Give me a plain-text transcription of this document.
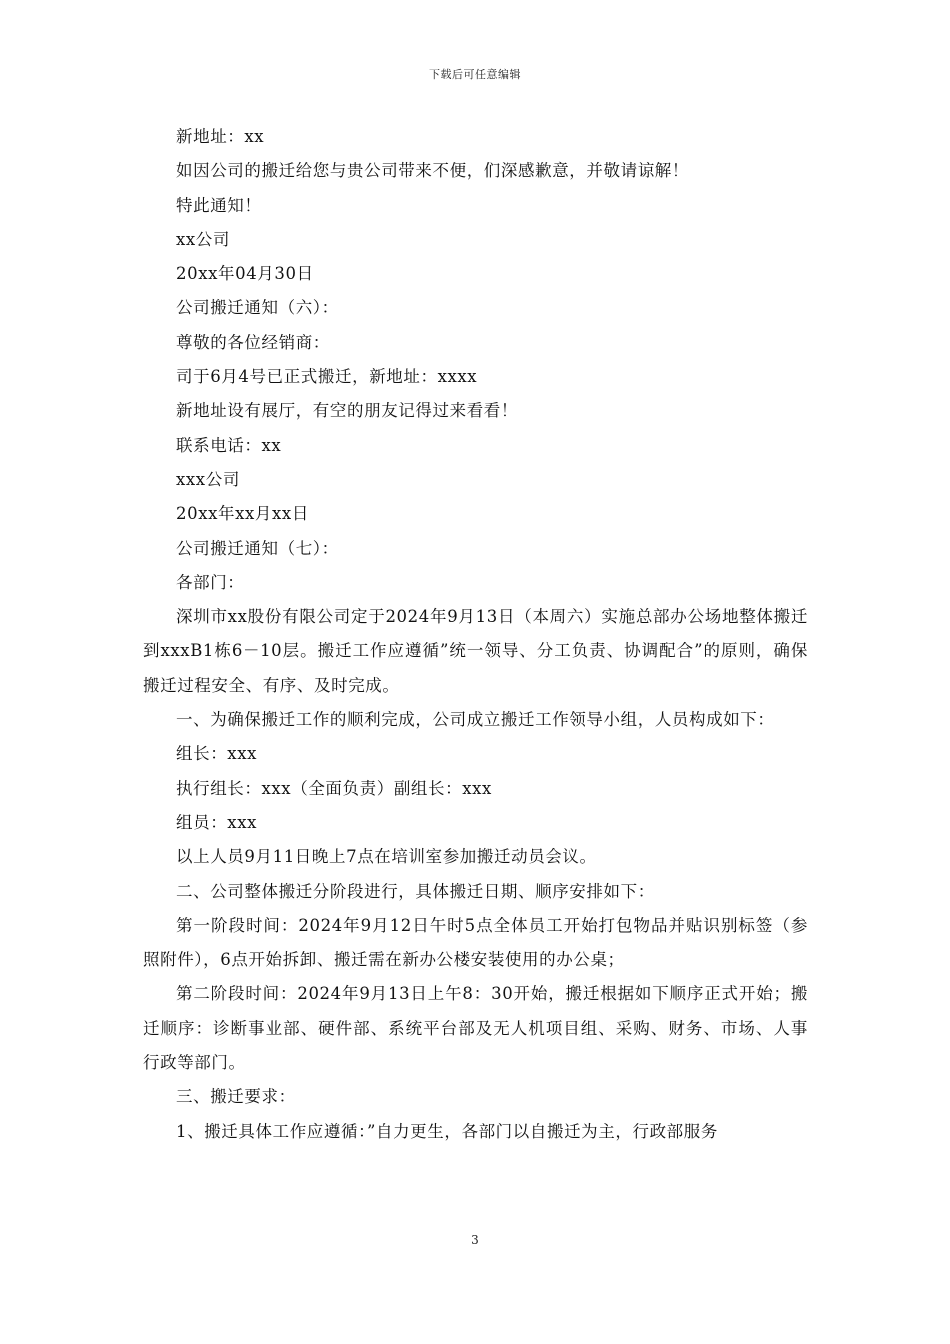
下载后可任意编辑

新地址：xx

如因公司的搬迁给您与贵公司带来不便，们深感歉意，并敬请谅解！

特此通知！

xx公司

20xx年04月30日

公司搬迁通知（六）：

尊敬的各位经销商：

司于6月4号已正式搬迁，新地址：xxxx

新地址设有展厅，有空的朋友记得过来看看！

联系电话：xx

xxx公司

20xx年xx月xx日

公司搬迁通知（七）：

各部门：

深圳市xx股份有限公司定于2024年9月13日（本周六）实施总部办公场地整体搬迁到xxxB1栋6－10层。搬迁工作应遵循”统一领导、分工负责、协调配合”的原则，确保搬迁过程安全、有序、及时完成。

一、为确保搬迁工作的顺利完成，公司成立搬迁工作领导小组，人员构成如下：

组长：xxx

执行组长：xxx（全面负责）副组长：xxx

组员：xxx

以上人员9月11日晚上7点在培训室参加搬迁动员会议。

二、公司整体搬迁分阶段进行，具体搬迁日期、顺序安排如下：

第一阶段时间：2024年9月12日午时5点全体员工开始打包物品并贴识别标签（参照附件），6点开始拆卸、搬迁需在新办公楼安装使用的办公桌；

第二阶段时间：2024年9月13日上午8：30开始，搬迁根据如下顺序正式开始；搬迁顺序：诊断事业部、硬件部、系统平台部及无人机项目组、采购、财务、市场、人事行政等部门。

三、搬迁要求：

1、搬迁具体工作应遵循：”自力更生，各部门以自搬迁为主，行政部服务

3
